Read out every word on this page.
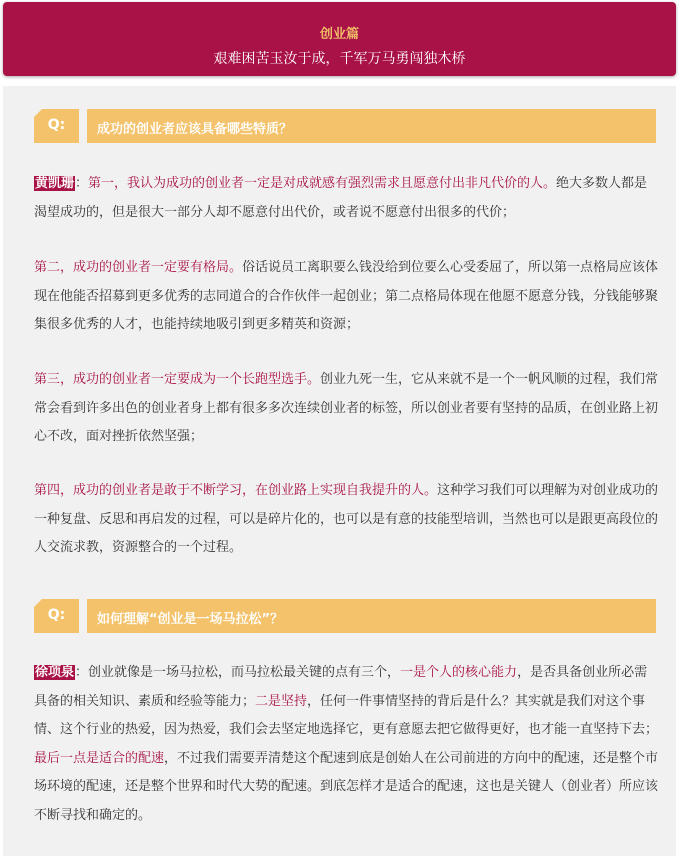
创业篇
艰难困苦玉汝于成，千军万马勇闯独木桥
Q:	成功的创业者应该具备哪些特质？

黄凯珊：第一，我认为成功的创业者一定是对成就感有强烈需求且愿意付出非凡代价的人。绝大多数人都是渴望成功的，但是很大一部分人却不愿意付出代价，或者说不愿意付出很多的代价；

第二，成功的创业者一定要有格局。俗话说员工离职要么钱没给到位要么心受委屈了，所以第一点格局应该体现在他能否招募到更多优秀的志同道合的合作伙伴一起创业；第二点格局体现在他愿不愿意分钱，分钱能够聚集很多优秀的人才，也能持续地吸引到更多精英和资源；

第三，成功的创业者一定要成为一个长跑型选手。创业九死一生，它从来就不是一个一帆风顺的过程，我们常常会看到许多出色的创业者身上都有很多多次连续创业者的标签，所以创业者要有坚持的品质，在创业路上初心不改，面对挫折依然坚强；

第四，成功的创业者是敢于不断学习，在创业路上实现自我提升的人。这种学习我们可以理解为对创业成功的一种复盘、反思和再启发的过程，可以是碎片化的，也可以是有意的技能型培训，当然也可以是跟更高段位的人交流求教，资源整合的一个过程。

Q:	如何理解“创业是一场马拉松”？

徐项泉：创业就像是一场马拉松，而马拉松最关键的点有三个，一是个人的核心能力，是否具备创业所必需具备的相关知识、素质和经验等能力；二是坚持，任何一件事情坚持的背后是什么？其实就是我们对这个事情、这个行业的热爱，因为热爱，我们会去坚定地选择它，更有意愿去把它做得更好，也才能一直坚持下去；最后一点是适合的配速，不过我们需要弄清楚这个配速到底是创始人在公司前进的方向中的配速，还是整个市场环境的配速，还是整个世界和时代大势的配速。到底怎样才是适合的配速，这也是关键人（创业者）所应该不断寻找和确定的。
